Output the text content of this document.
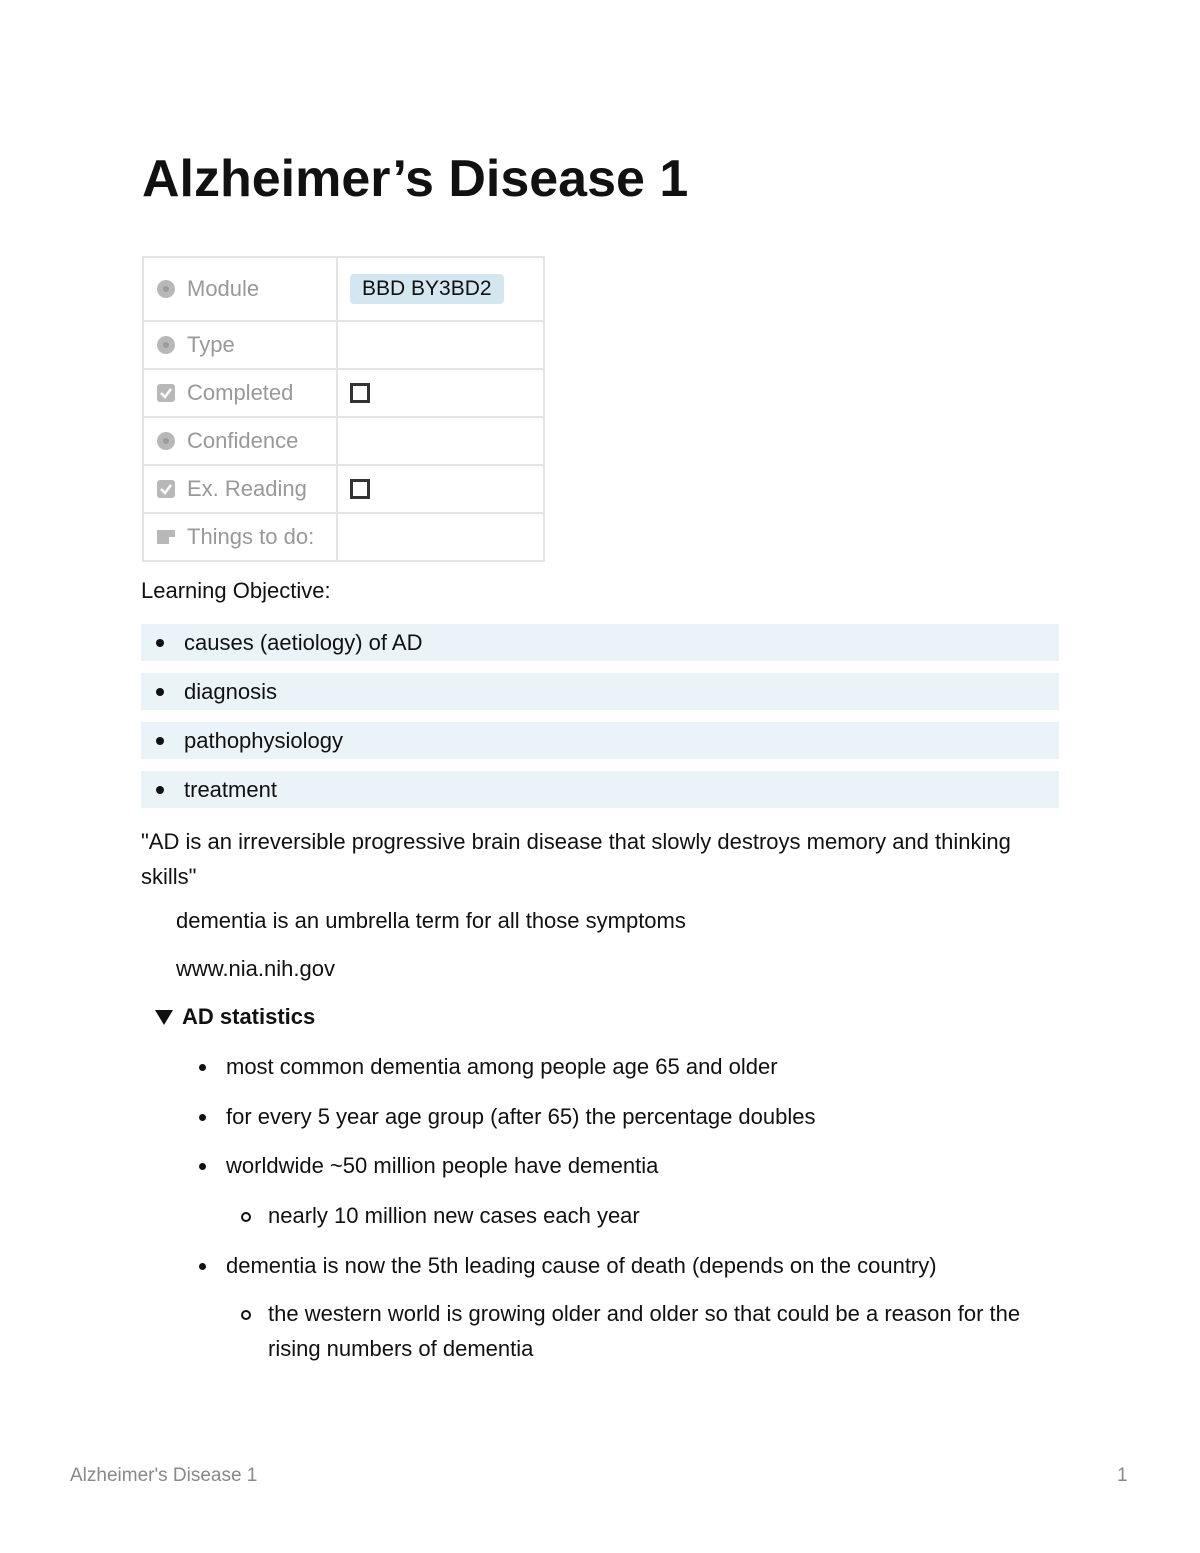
Alzheimer’s Disease 1
Module	BBD BY3BD2

Type	

Completed	

Confidence	

Ex. Reading	

Things to do:	

Learning Objective:
causes (aetiology) of AD
diagnosis
pathophysiology
treatment
"AD is an irreversible progressive brain disease that slowly destroys memory and thinking skills"
dementia is an umbrella term for all those symptoms
www.nia.nih.gov
AD statistics
most common dementia among people age 65 and older
for every 5 year age group (after 65) the percentage doubles
worldwide ~50 million people have dementia
nearly 10 million new cases each year
dementia is now the 5th leading cause of death (depends on the country)
the western world is growing older and older so that could be a reason for the rising numbers of dementia
Alzheimer's Disease 1	1
